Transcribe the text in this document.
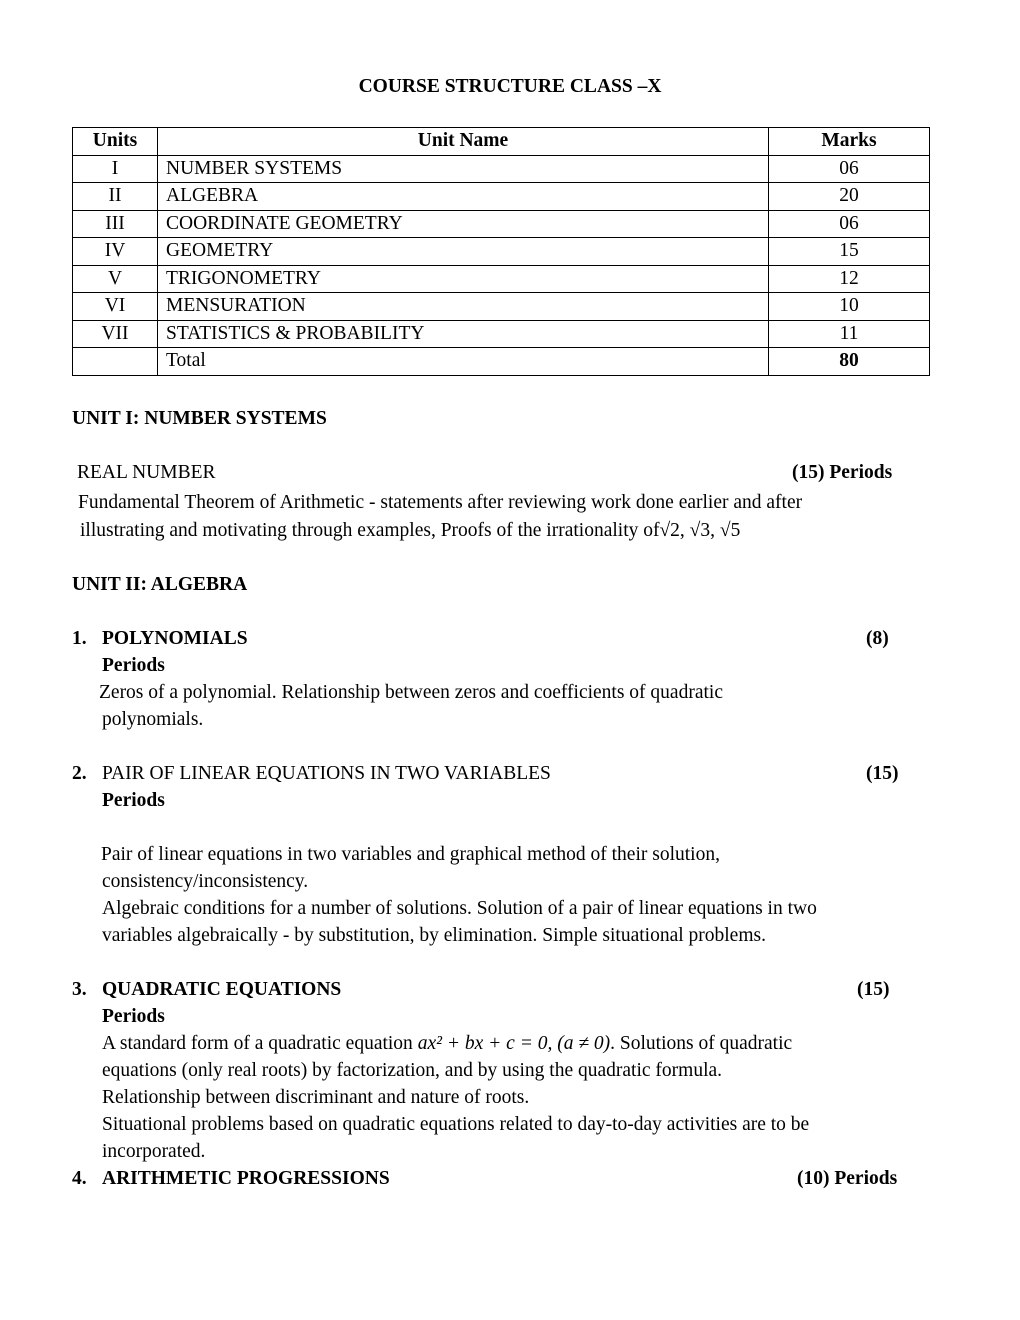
COURSE STRUCTURE CLASS –X
Units	Unit Name	Marks
I	NUMBER SYSTEMS	06
II	ALGEBRA	20
III	COORDINATE GEOMETRY	06
IV	GEOMETRY	15
V	TRIGONOMETRY	12
VI	MENSURATION	10
VII	STATISTICS & PROBABILITY	11
	Total	80
UNIT I: NUMBER SYSTEMS
REAL NUMBER	(15) Periods
Fundamental Theorem of Arithmetic - statements after reviewing work done earlier and after
illustrating and motivating through examples, Proofs of the irrationality of√2, √3, √5
UNIT II: ALGEBRA
1. POLYNOMIALS	(8)
Periods
Zeros of a polynomial. Relationship between zeros and coefficients of quadratic
polynomials.
2. PAIR OF LINEAR EQUATIONS IN TWO VARIABLES	(15)
Periods
Pair of linear equations in two variables and graphical method of their solution,
consistency/inconsistency.
Algebraic conditions for a number of solutions. Solution of a pair of linear equations in two
variables algebraically - by substitution, by elimination. Simple situational problems.
3. QUADRATIC EQUATIONS	(15)
Periods
A standard form of a quadratic equation ax² + bx + c = 0, (a ≠ 0). Solutions of quadratic
equations (only real roots) by factorization, and by using the quadratic formula.
Relationship between discriminant and nature of roots.
Situational problems based on quadratic equations related to day-to-day activities are to be
incorporated.
4. ARITHMETIC PROGRESSIONS	(10) Periods
